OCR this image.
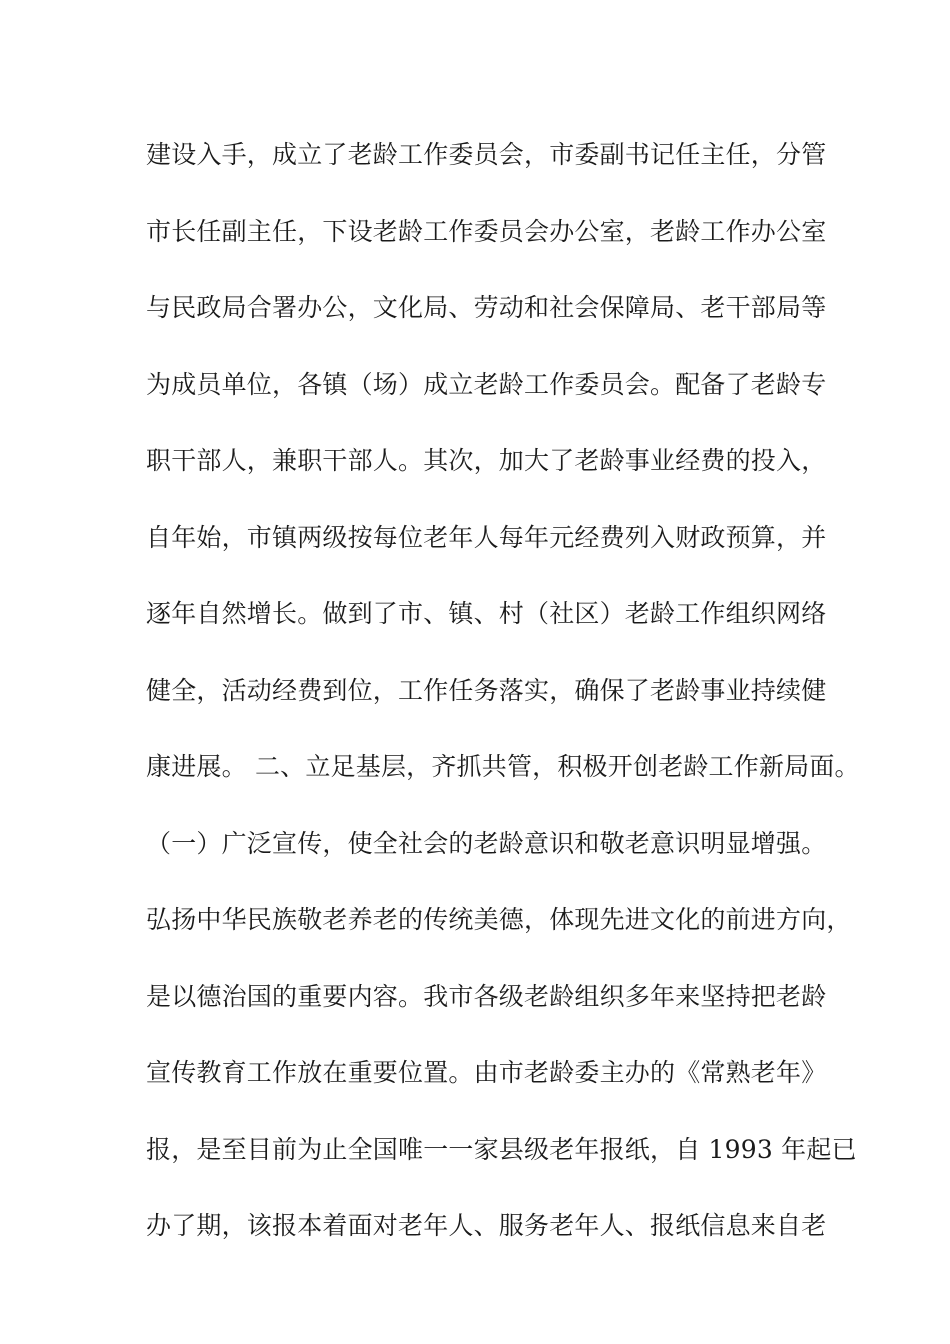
建设入手，成立了老龄工作委员会，市委副书记任主任，分管
市长任副主任，下设老龄工作委员会办公室，老龄工作办公室
与民政局合署办公，文化局、劳动和社会保障局、老干部局等
为成员单位，各镇（场）成立老龄工作委员会。配备了老龄专
职干部人，兼职干部人。其次，加大了老龄事业经费的投入，
自年始，市镇两级按每位老年人每年元经费列入财政预算，并
逐年自然增长。做到了市、镇、村（社区）老龄工作组织网络
健全，活动经费到位，工作任务落实，确保了老龄事业持续健
康进展。 二、立足基层，齐抓共管，积极开创老龄工作新局面。
（一）广泛宣传，使全社会的老龄意识和敬老意识明显增强。
弘扬中华民族敬老养老的传统美德，体现先进文化的前进方向，
是以德治国的重要内容。我市各级老龄组织多年来坚持把老龄
宣传教育工作放在重要位置。由市老龄委主办的《常熟老年》
报，是至目前为止全国唯一一家县级老年报纸，自 1993 年起已
办了期，该报本着面对老年人、服务老年人、报纸信息来自老
